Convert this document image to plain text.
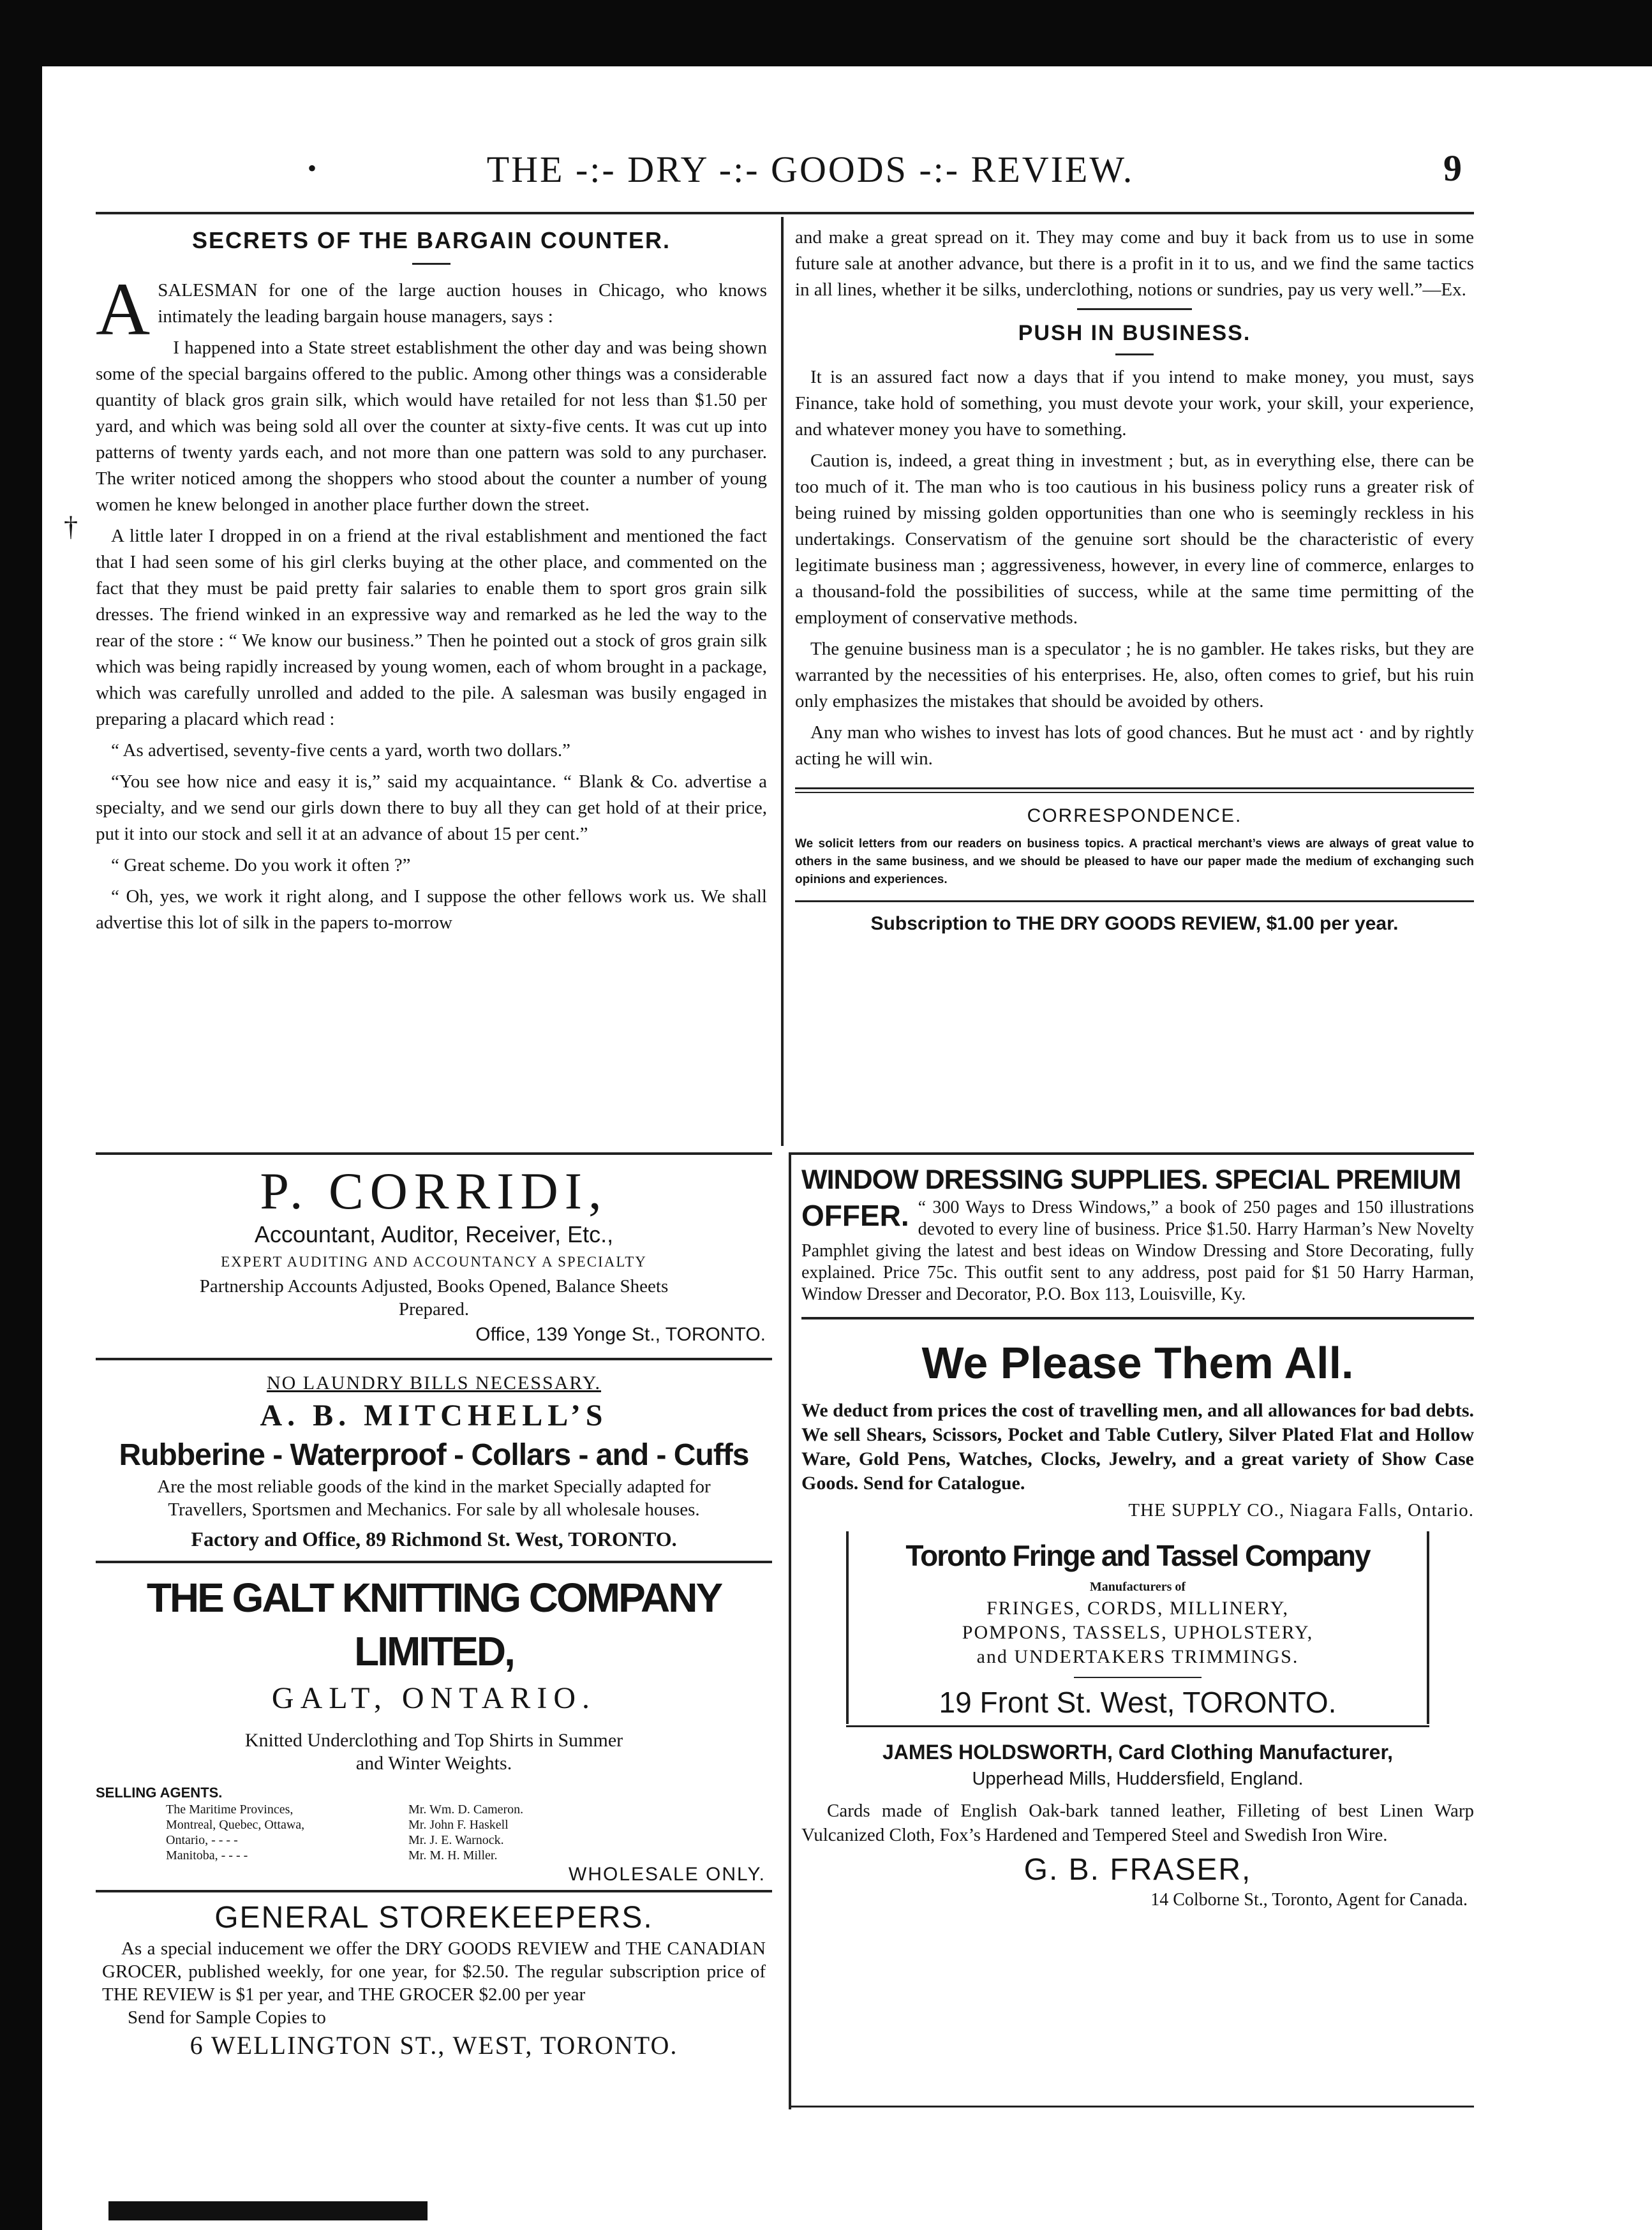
•	THE -:- DRY -:- GOODS -:- REVIEW.	9
SECRETS OF THE BARGAIN COUNTER.
A SALESMAN for one of the large auction houses in Chicago, who knows intimately the leading bargain house managers, says :

I happened into a State street establishment the other day and was being shown some of the special bargains offered to the public. Among other things was a considerable quantity of black gros grain silk, which would have retailed for not less than $1.50 per yard, and which was being sold all over the counter at sixty-five cents. It was cut up into patterns of twenty yards each, and not more than one pattern was sold to any purchaser. The writer noticed among the shoppers who stood about the counter a number of young women he knew belonged in another place further down the street.

A little later I dropped in on a friend at the rival establishment and mentioned the fact that I had seen some of his girl clerks buying at the other place, and commented on the fact that they must be paid pretty fair salaries to enable them to sport gros grain silk dresses. The friend winked in an expressive way and remarked as he led the way to the rear of the store : “ We know our business.” Then he pointed out a stock of gros grain silk which was being rapidly increased by young women, each of whom brought in a package, which was carefully unrolled and added to the pile. A salesman was busily engaged in preparing a placard which read :

“ As advertised, seventy-five cents a yard, worth two dollars.”

“You see how nice and easy it is,” said my acquaintance. “ Blank & Co. advertise a specialty, and we send our girls down there to buy all they can get hold of at their price, put it into our stock and sell it at an advance of about 15 per cent.”

“ Great scheme. Do you work it often ?”

“ Oh, yes, we work it right along, and I suppose the other fellows work us. We shall advertise this lot of silk in the papers to-morrow

†

and make a great spread on it. They may come and buy it back from us to use in some future sale at another advance, but there is a profit in it to us, and we find the same tactics in all lines, whether it be silks, underclothing, notions or sundries, pay us very well.”—Ex.

PUSH IN BUSINESS.

It is an assured fact now a days that if you intend to make money, you must, says Finance, take hold of something, you must devote your work, your skill, your experience, and whatever money you have to something.

Caution is, indeed, a great thing in investment ; but, as in everything else, there can be too much of it. The man who is too cautious in his business policy runs a greater risk of being ruined by missing golden opportunities than one who is seemingly reckless in his undertakings. Conservatism of the genuine sort should be the characteristic of every legitimate business man ; aggressiveness, however, in every line of commerce, enlarges to a thousand-fold the possibilities of success, while at the same time permitting of the employment of conservative methods.

The genuine business man is a speculator ; he is no gambler. He takes risks, but they are warranted by the necessities of his enterprises. He, also, often comes to grief, but his ruin only emphasizes the mistakes that should be avoided by others.

Any man who wishes to invest has lots of good chances. But he must act · and by rightly acting he will win.

CORRESPONDENCE.
We solicit letters from our readers on business topics. A practical merchant’s views are always of great value to others in the same business, and we should be pleased to have our paper made the medium of exchanging such opinions and experiences.
Subscription to THE DRY GOODS REVIEW, $1.00 per year.
P. CORRIDI,
Accountant, Auditor, Receiver, Etc.,
EXPERT AUDITING AND ACCOUNTANCY A SPECIALTY
Partnership Accounts Adjusted, Books Opened, Balance Sheets Prepared.
Office, 139 Yonge St., TORONTO.
NO LAUNDRY BILLS NECESSARY.
A. B. MITCHELL’S
Rubberine - Waterproof - Collars - and - Cuffs
Are the most reliable goods of the kind in the market Specially adapted for Travellers, Sportsmen and Mechanics. For sale by all wholesale houses.
Factory and Office, 89 Richmond St. West, TORONTO.
THE GALT KNITTING COMPANY LIMITED,
GALT, ONTARIO.
Knitted Underclothing and Top Shirts in Summer and Winter Weights.
SELLING AGENTS.
The Maritime Provinces,	Mr. Wm. D. Cameron.
Montreal, Quebec, Ottawa,	Mr. John F. Haskell
Ontario, - - - -	Mr. J. E. Warnock.
Manitoba, - - - -	Mr. M. H. Miller.
WHOLESALE ONLY.
GENERAL STOREKEEPERS.
As a special inducement we offer the DRY GOODS REVIEW and THE CANADIAN GROCER, published weekly, for one year, for $2.50. The regular subscription price of THE REVIEW is $1 per year, and THE GROCER $2.00 per year
Send for Sample Copies to
6 WELLINGTON ST., WEST, TORONTO.
WINDOW DRESSING SUPPLIES. SPECIAL PREMIUM
OFFER. “ 300 Ways to Dress Windows,” a book of 250 pages and 150 illustrations devoted to every line of business. Price $1.50. Harry Harman’s New Novelty Pamphlet giving the latest and best ideas on Window Dressing and Store Decorating, fully explained. Price 75c. This outfit sent to any address, post paid for $1 50 Harry Harman, Window Dresser and Decorator, P.O. Box 113, Louisville, Ky.
We Please Them All.
We deduct from prices the cost of travelling men, and all allowances for bad debts. We sell Shears, Scissors, Pocket and Table Cutlery, Silver Plated Flat and Hollow Ware, Gold Pens, Watches, Clocks, Jewelry, and a great variety of Show Case Goods. Send for Catalogue.
THE SUPPLY CO., Niagara Falls, Ontario.
Toronto Fringe and Tassel Company
Manufacturers of
FRINGES, CORDS, MILLINERY,
POMPONS, TASSELS, UPHOLSTERY,
and UNDERTAKERS TRIMMINGS.
19 Front St. West, TORONTO.
JAMES HOLDSWORTH, Card Clothing Manufacturer,
Upperhead Mills, Huddersfield, England.
Cards made of English Oak-bark tanned leather, Filleting of best Linen Warp Vulcanized Cloth, Fox’s Hardened and Tempered Steel and Swedish Iron Wire.
G. B. FRASER,
14 Colborne St., Toronto, Agent for Canada.
